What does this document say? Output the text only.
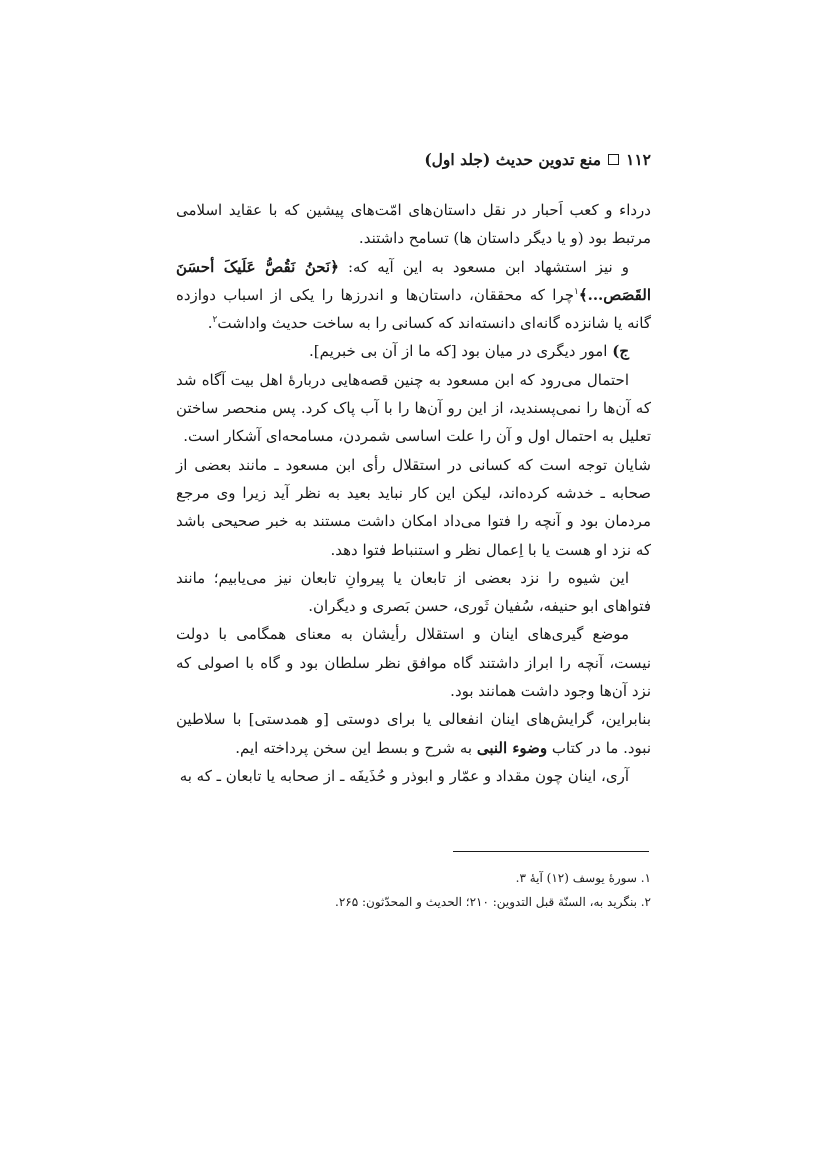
۱۱۲
منع تدوین حدیث (جلد اول)

درداء و کعب اَحبار در نقل داستان‌های امّت‌های پیشین که با عقاید اسلامی مرتبط بود (و یا دیگر داستان ها) تسامح داشتند.

و نیز استشهاد ابن مسعود به این آیه که: ﴿نَحنُ نَقُصُّ عَلَیکَ أحسَنَ القَصَص...﴾$^۱$چرا که محققان، داستان‌ها و اندرزها را یکی از اسباب دوازده گانه یا شانزده گانه‌ای دانسته‌اند که کسانی را به ساخت حدیث واداشت$^۲$.

ج) امور دیگری در میان بود [که ما از آن بی خبریم].

احتمال می‌رود که ابن مسعود به چنین قصه‌هایی دربارۀ اهل بیت آگاه شد که آن‌ها را نمی‌پسندید، از این رو آن‌ها را با آب پاک کرد. پس منحصر ساختن تعلیل به احتمال اول و آن را علت اساسی شمردن، مسامحه‌ای آشکار است.

شایان توجه است که کسانی در استقلال رأی ابن مسعود ـ مانند بعضی از صحابه ـ خدشه کرده‌اند، لیکن این کار نباید بعید به نظر آید زیرا وی مرجع مردمان بود و آنچه را فتوا می‌داد امکان داشت مستند به خبر صحیحی باشد که نزد او هست یا با اِعمال نظر و استنباط فتوا دهد.

این شیوه را نزد بعضی از تابعان یا پیروانِ تابعان نیز می‌یابیم؛ مانند فتواهای ابو حنیفه، سُفیان ثَوری، حسن بَصری و دیگران.

موضع گیری‌های اینان و استقلال رأیشان به معنای همگامی با دولت نیست، آنچه را ابراز داشتند گاه موافق نظر سلطان بود و گاه با اصولی که نزد آن‌ها وجود داشت همانند بود.

بنابراین، گرایش‌های اینان انفعالی یا برای دوستی [و همدستی] با سلاطین نبود. ما در کتاب وضوء النبی به شرح و بسط این سخن پرداخته ایم.

آری، اینان چون مقداد و عمّار و ابوذر و حُذَیفَه ـ از صحابه یا تابعان ـ که به

۱. سورۀ یوسف (۱۲) آیۀ ۳.

۲. بنگرید به، السنّة قبل التدوین: ۲۱۰؛ الحدیث و المحدّثون: ۲۶۵.
